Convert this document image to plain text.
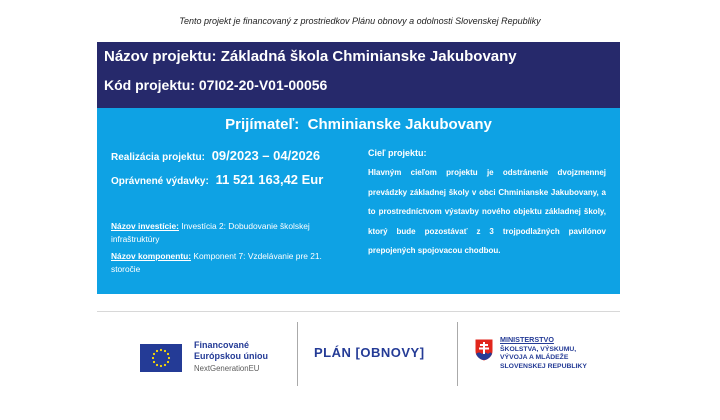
Tento projekt je financovaný z prostriedkov Plánu obnovy a odolnosti Slovenskej Republiky
Názov projektu: Základná škola Chminianske Jakubovany
Kód projektu: 07I02-20-V01-00056
Prijímateľ: Chminianske Jakubovany
Realizácia projektu: 09/2023 – 04/2026
Oprávnené výdavky: 11 521 163,42 Eur
Názov investície: Investícia 2: Dobudovanie školskej infraštruktúry
Názov komponentu: Komponent 7: Vzdelávanie pre 21. storočie
Cieľ projektu:

Hlavným cieľom projektu je odstránenie dvojzmennej prevádzky základnej školy v obci Chminianske Jakubovany, a to prostredníctvom výstavby nového objektu základnej školy, ktorý bude pozostávať z 3 trojpodlažných pavilónov prepojených spojovacou chodbou.

Financované
Európskou úniou
NextGenerationEU
PLÁN [OBNOVY]
MINISTERSTVO
ŠKOLSTVA, VÝSKUMU,
VÝVOJA A MLÁDEŽE
SLOVENSKEJ REPUBLIKY
